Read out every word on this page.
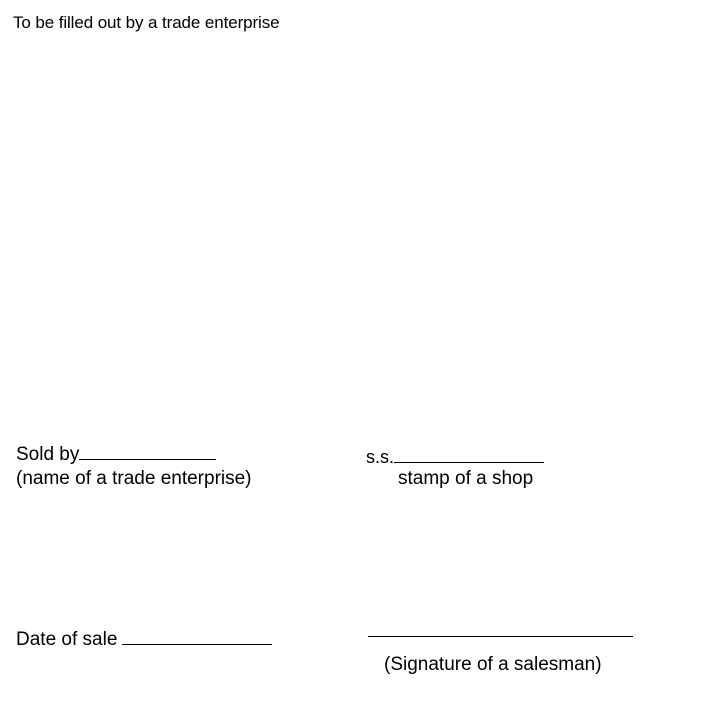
To be filled out by a trade enterprise
Sold by
(name of a trade enterprise)
s.s.
stamp of a shop
Date of sale
(Signature of a salesman)
